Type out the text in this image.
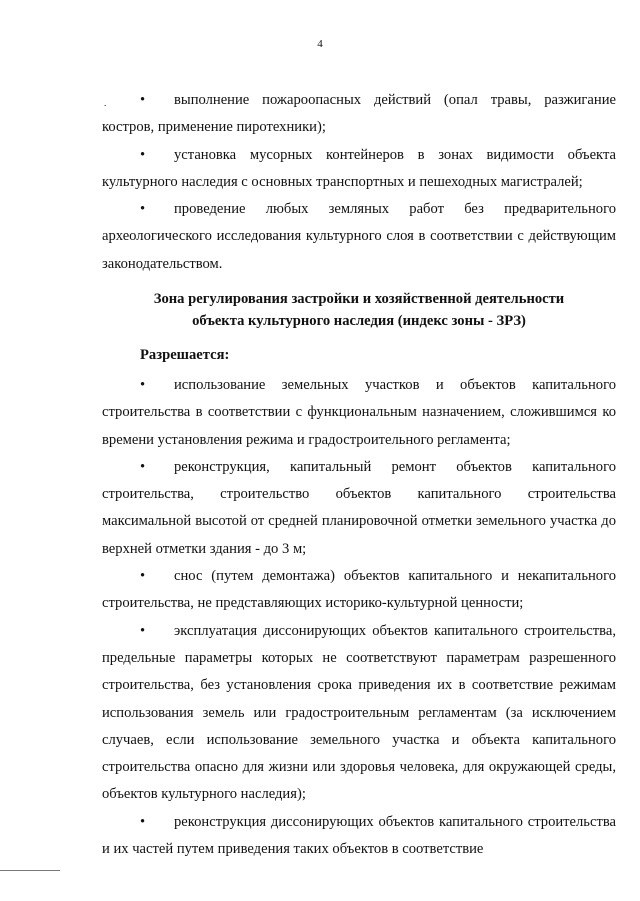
4
.	• выполнение пожароопасных действий (опал травы, разжигание костров, применение пиротехники);

• установка мусорных контейнеров в зонах видимости объекта культурного наследия с основных транспортных и пешеходных магистралей;

• проведение любых земляных работ без предварительного археологического исследования культурного слоя в соответствии с действующим законодательством.

Зона регулирования застройки и хозяйственной деятельности
объекта культурного наследия (индекс зоны - ЗРЗ)
Разрешается:

• использование земельных участков и объектов капитального строительства в соответствии с функциональным назначением, сложившимся ко времени установления режима и градостроительного регламента;

• реконструкция, капитальный ремонт объектов капитального строительства, строительство объектов капитального строительства максимальной высотой от средней планировочной отметки земельного участка до верхней отметки здания - до 3 м;

• снос (путем демонтажа) объектов капитального и некапитального строительства, не представляющих историко-культурной ценности;

• эксплуатация диссонирующих объектов капитального строительства, предельные параметры которых не соответствуют параметрам разрешенного строительства, без установления срока приведения их в соответствие режимам использования земель или градостроительным регламентам (за исключением случаев, если использование земельного участка и объекта капитального строительства опасно для жизни или здоровья человека, для окружающей среды, объектов культурного наследия);

• реконструкция диссонирующих объектов капитального строительства и их частей путем приведения таких объектов в соответствие
